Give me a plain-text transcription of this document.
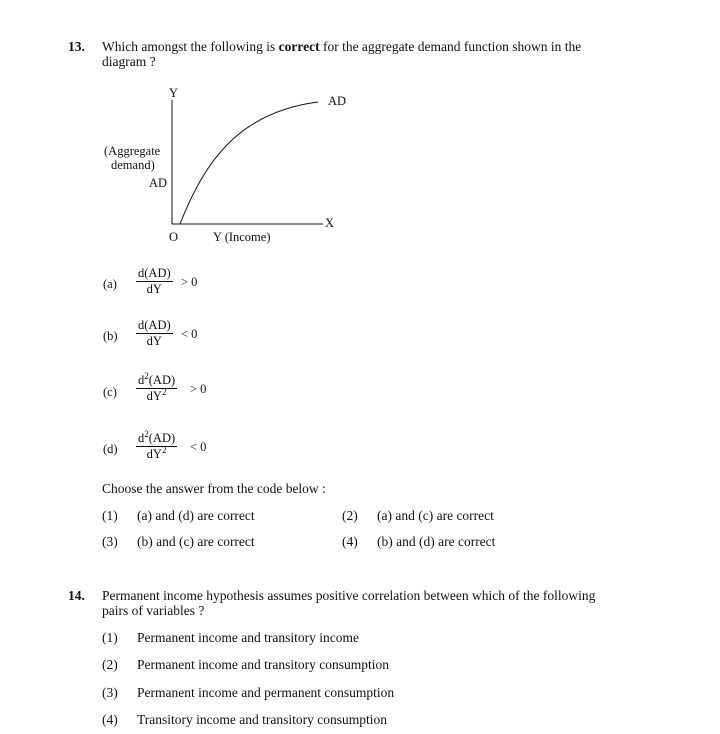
13. Which amongst the following is correct for the aggregate demand function shown in the
diagram ?
Y
X
AD
(Aggregate
demand)
AD
O	Y (Income)
$(a) \frac{d(AD)}{dY} > 0$
$(b) \frac{d(AD)}{dY} < 0$
$(c) \frac{d^2(AD)}{dY^2} > 0$
$(d) \frac{d^2(AD)}{dY^2} < 0$
Choose the answer from the code below :
(1) (a) and (d) are correct	(2) (a) and (c) are correct
(3) (b) and (c) are correct	(4) (b) and (d) are correct
14. Permanent income hypothesis assumes positive correlation between which of the following
pairs of variables ?
(1) Permanent income and transitory income
(2) Permanent income and transitory consumption
(3) Permanent income and permanent consumption
(4) Transitory income and transitory consumption
